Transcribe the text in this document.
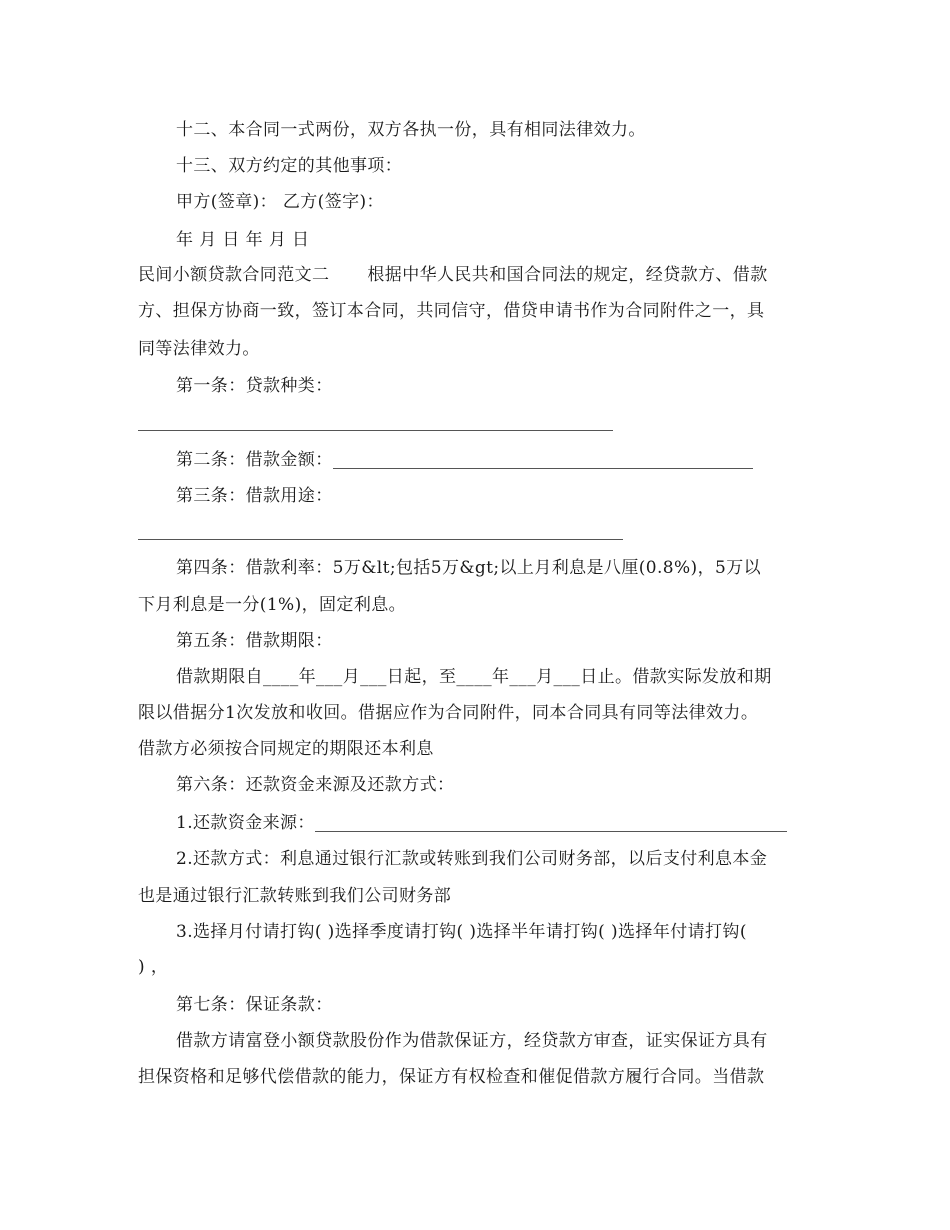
十二、本合同一式两份，双方各执一份，具有相同法律效力。
十三、双方约定的其他事项：
甲方(签章)： 乙方(签字)：
年 月 日 年 月 日
民间小额贷款合同范文二 根据中华人民共和国合同法的规定，经贷款方、借款
方、担保方协商一致，签订本合同，共同信守，借贷申请书作为合同附件之一，具
同等法律效力。
第一条：贷款种类：
第二条：借款金额：
第三条：借款用途：
第四条：借款利率：5万&lt;包括5万&gt;以上月利息是八厘(0.8%)，5万以
下月利息是一分(1%)，固定利息。
第五条：借款期限：
借款期限自____年___月___日起，至____年___月___日止。借款实际发放和期
限以借据分1次发放和收回。借据应作为合同附件，同本合同具有同等法律效力。
借款方必须按合同规定的期限还本利息
第六条：还款资金来源及还款方式：
1.还款资金来源：
2.还款方式：利息通过银行汇款或转账到我们公司财务部，以后支付利息本金
也是通过银行汇款转账到我们公司财务部
3.选择月付请打钩( )选择季度请打钩( )选择半年请打钩( )选择年付请打钩(
) ，
第七条：保证条款：
借款方请富登小额贷款股份作为借款保证方，经贷款方审查，证实保证方具有
担保资格和足够代偿借款的能力，保证方有权检查和催促借款方履行合同。当借款
